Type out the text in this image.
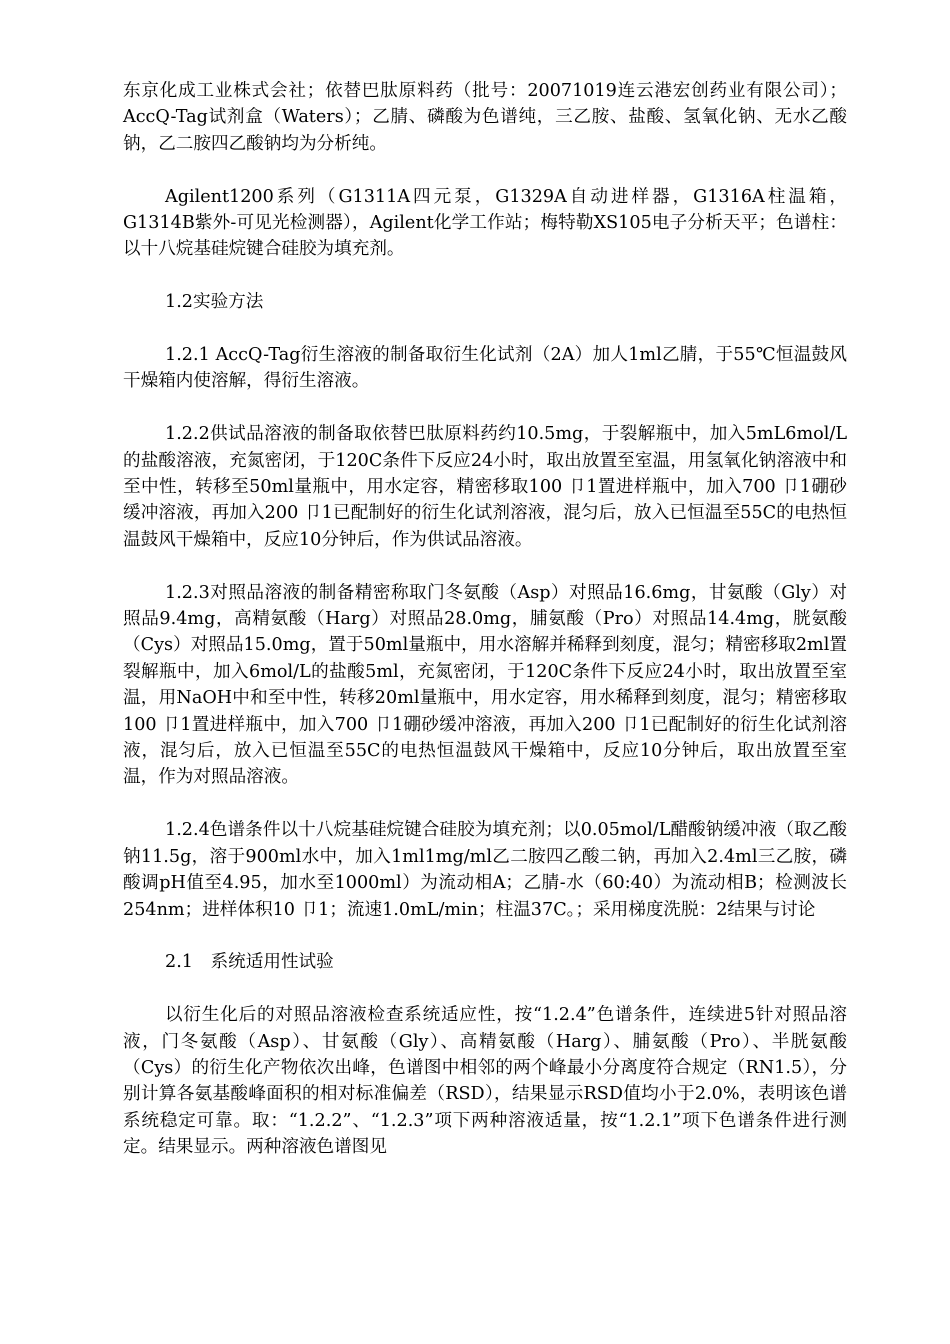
东京化成工业株式会社；依替巴肽原料药（批号：20071019连云港宏创药业有限公司）；AccQ-Tag试剂盒（Waters）；乙腈、磷酸为色谱纯，三乙胺、盐酸、氢氧化钠、无水乙酸钠，乙二胺四乙酸钠均为分析纯。

Agilent1200系列（G1311A四元泵，G1329A自动进样器，G1316A柱温箱，G1314B紫外-可见光检测器），Agilent化学工作站；梅特勒XS105电子分析天平；色谱柱：以十八烷基硅烷键合硅胶为填充剂。

1.2实验方法

1.2.1 AccQ-Tag衍生溶液的制备取衍生化试剂（2A）加人1ml乙腈，于55℃恒温鼓风干燥箱内使溶解，得衍生溶液。

1.2.2供试品溶液的制备取依替巴肽原料药约10.5mg，于裂解瓶中，加入5mL6mol/L的盐酸溶液，充氮密闭，于120C条件下反应24小时，取出放置至室温，用氢氧化钠溶液中和至中性，转移至50ml量瓶中，用水定容，精密移取100 卩1置进样瓶中，加入700 卩1硼砂缓冲溶液，再加入200 卩1已配制好的衍生化试剂溶液，混匀后，放入已恒温至55C的电热恒温鼓风干燥箱中，反应10分钟后，作为供试品溶液。

1.2.3对照品溶液的制备精密称取门冬氨酸（Asp）对照品16.6mg，甘氨酸（Gly）对照品9.4mg，高精氨酸（Harg）对照品28.0mg，脯氨酸（Pro）对照品14.4mg，胱氨酸（Cys）对照品15.0mg，置于50ml量瓶中，用水溶解并稀释到刻度，混匀；精密移取2ml置裂解瓶中，加入6mol/L的盐酸5ml，充氮密闭，于120C条件下反应24小时，取出放置至室温，用NaOH中和至中性，转移20ml量瓶中，用水定容，用水稀释到刻度，混匀；精密移取100 卩1置进样瓶中，加入700 卩1硼砂缓冲溶液，再加入200 卩1已配制好的衍生化试剂溶液，混匀后，放入已恒温至55C的电热恒温鼓风干燥箱中，反应10分钟后，取出放置至室温，作为对照品溶液。

1.2.4色谱条件以十八烷基硅烷键合硅胶为填充剂；以0.05mol/L醋酸钠缓冲液（取乙酸钠11.5g，溶于900ml水中，加入1ml1mg/ml乙二胺四乙酸二钠，再加入2.4ml三乙胺，磷酸调pH值至4.95，加水至1000ml）为流动相A；乙腈-水（60:40）为流动相B；检测波长254nm；进样体积10 卩1；流速1.0mL/min；柱温37C。；采用梯度洗脱：2结果与讨论

2.1　系统适用性试验

以衍生化后的对照品溶液检查系统适应性，按“1.2.4”色谱条件，连续进5针对照品溶液，门冬氨酸（Asp）、甘氨酸（Gly）、高精氨酸（Harg）、脯氨酸（Pro）、半胱氨酸（Cys）的衍生化产物依次出峰，色谱图中相邻的两个峰最小分离度符合规定（RN1.5），分别计算各氨基酸峰面积的相对标准偏差（RSD），结果显示RSD值均小于2.0%，表明该色谱系统稳定可靠。取：“1.2.2”、“1.2.3”项下两种溶液适量，按“1.2.1”项下色谱条件进行测定。结果显示。两种溶液色谱图见
